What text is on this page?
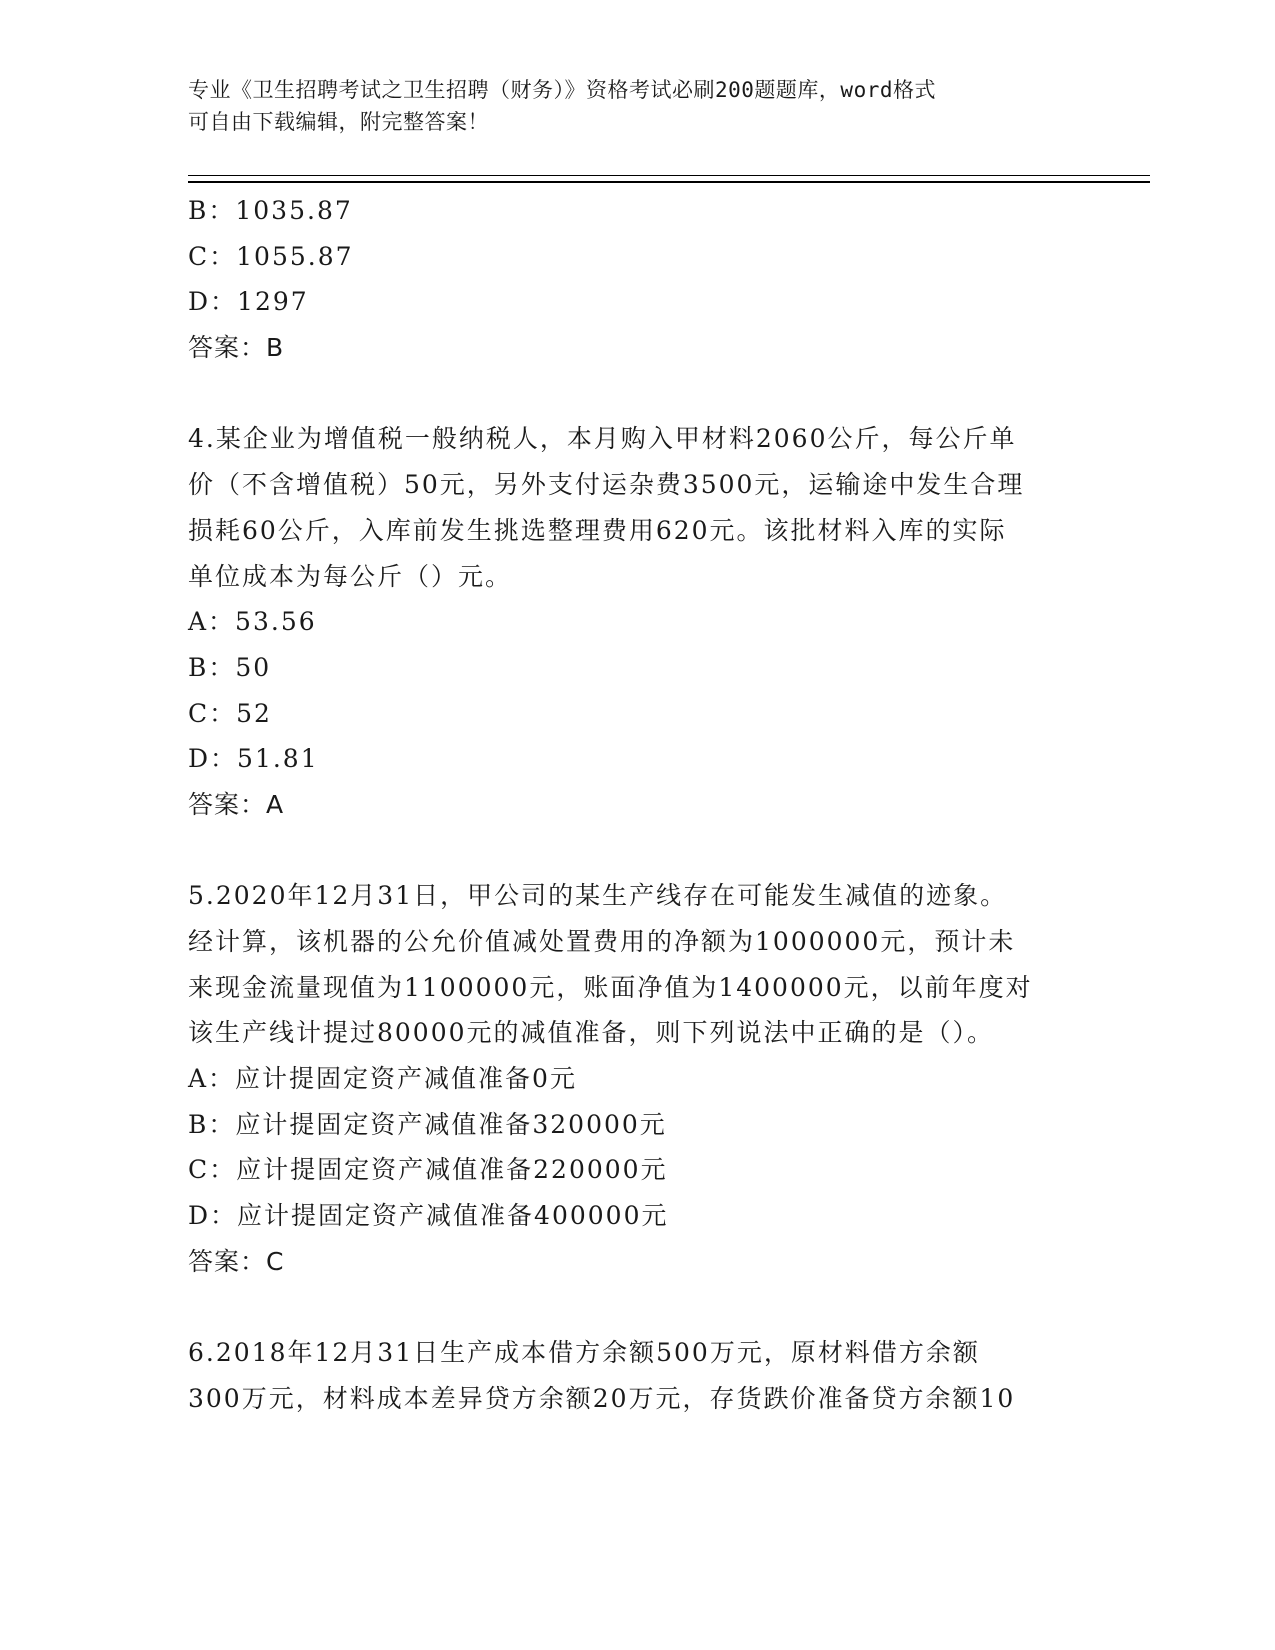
专业《卫生招聘考试之卫生招聘（财务）》资格考试必刷200题题库，word格式
可自由下载编辑，附完整答案！
B：1035.87
C：1055.87
D：1297
答案：B
4.某企业为增值税一般纳税人，本月购入甲材料2060公斤，每公斤单
价（不含增值税）50元，另外支付运杂费3500元，运输途中发生合理
损耗60公斤，入库前发生挑选整理费用620元。该批材料入库的实际
单位成本为每公斤（）元。
A：53.56
B：50
C：52
D：51.81
答案：A
5.2020年12月31日，甲公司的某生产线存在可能发生减值的迹象。
经计算，该机器的公允价值减处置费用的净额为1000000元，预计未
来现金流量现值为1100000元，账面净值为1400000元，以前年度对
该生产线计提过80000元的减值准备，则下列说法中正确的是（）。
A：应计提固定资产减值准备0元
B：应计提固定资产减值准备320000元
C：应计提固定资产减值准备220000元
D：应计提固定资产减值准备400000元
答案：C
6.2018年12月31日生产成本借方余额500万元，原材料借方余额
300万元，材料成本差异贷方余额20万元，存货跌价准备贷方余额10
